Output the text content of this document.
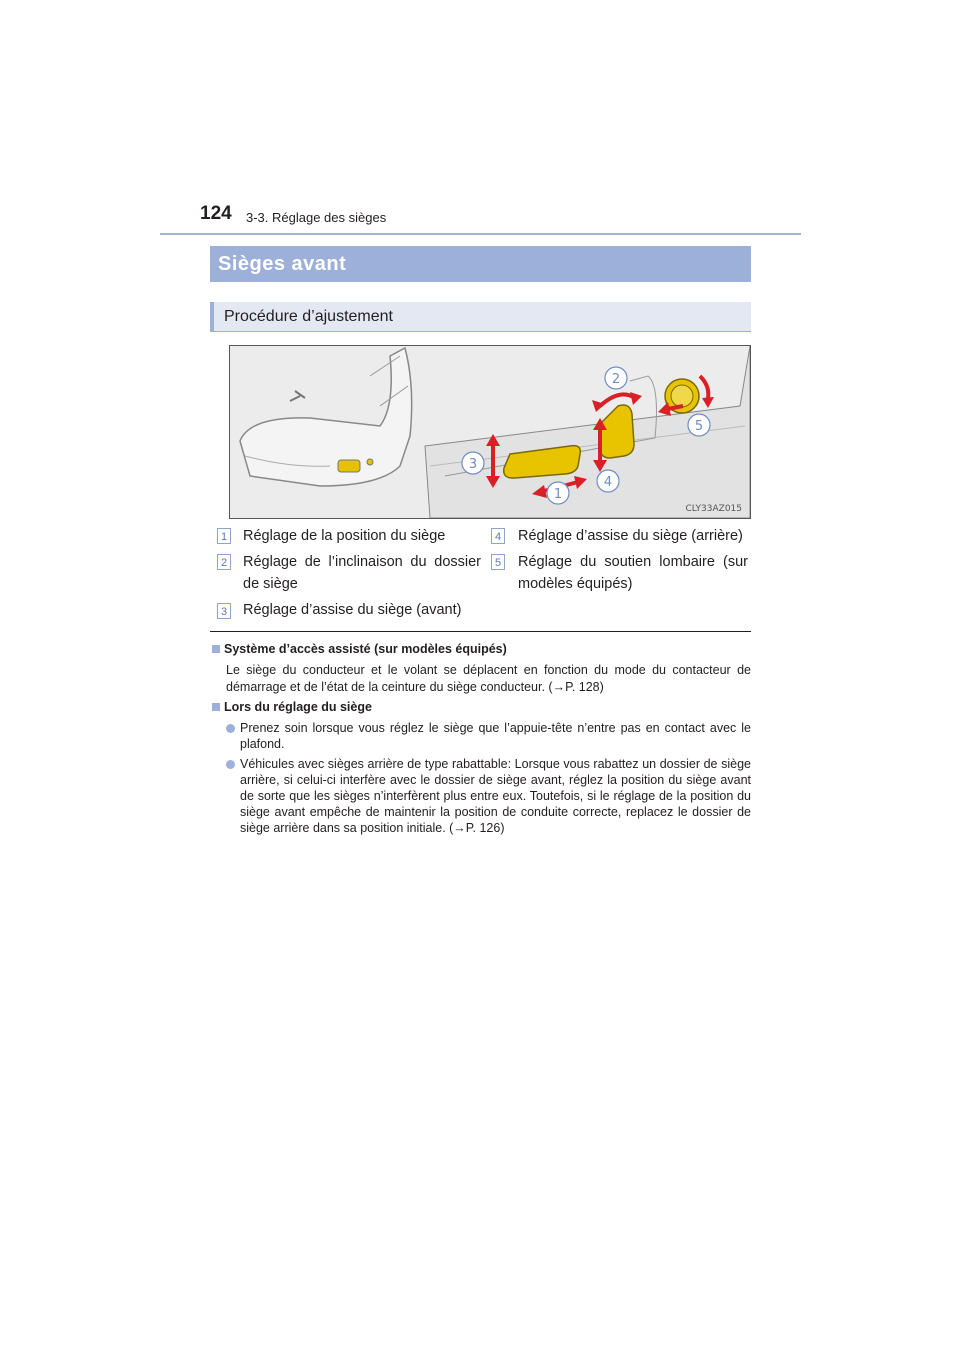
124 3-3. Réglage des sièges
Sièges avant
Procédure d’ajustement
2
5
3
4
1
CLY33AZ015
1 Réglage de la position du siège
2 Réglage de l’inclinaison du dossier de siège
3 Réglage d’assise du siège (avant)
4 Réglage d’assise du siège (arrière)
5 Réglage du soutien lombaire (sur modèles équipés)
Système d’accès assisté (sur modèles équipés)
Le siège du conducteur et le volant se déplacent en fonction du mode du contacteur de démarrage et de l’état de la ceinture du siège conducteur. (→P. 128)
Lors du réglage du siège
Prenez soin lorsque vous réglez le siège que l’appuie-tête n’entre pas en contact avec le plafond.
Véhicules avec sièges arrière de type rabattable: Lorsque vous rabattez un dossier de siège arrière, si celui-ci interfère avec le dossier de siège avant, réglez la position du siège avant de sorte que les sièges n’interfèrent plus entre eux. Toutefois, si le réglage de la position du siège avant empêche de maintenir la position de conduite correcte, replacez le dossier de siège arrière dans sa position initiale. (→P. 126)
